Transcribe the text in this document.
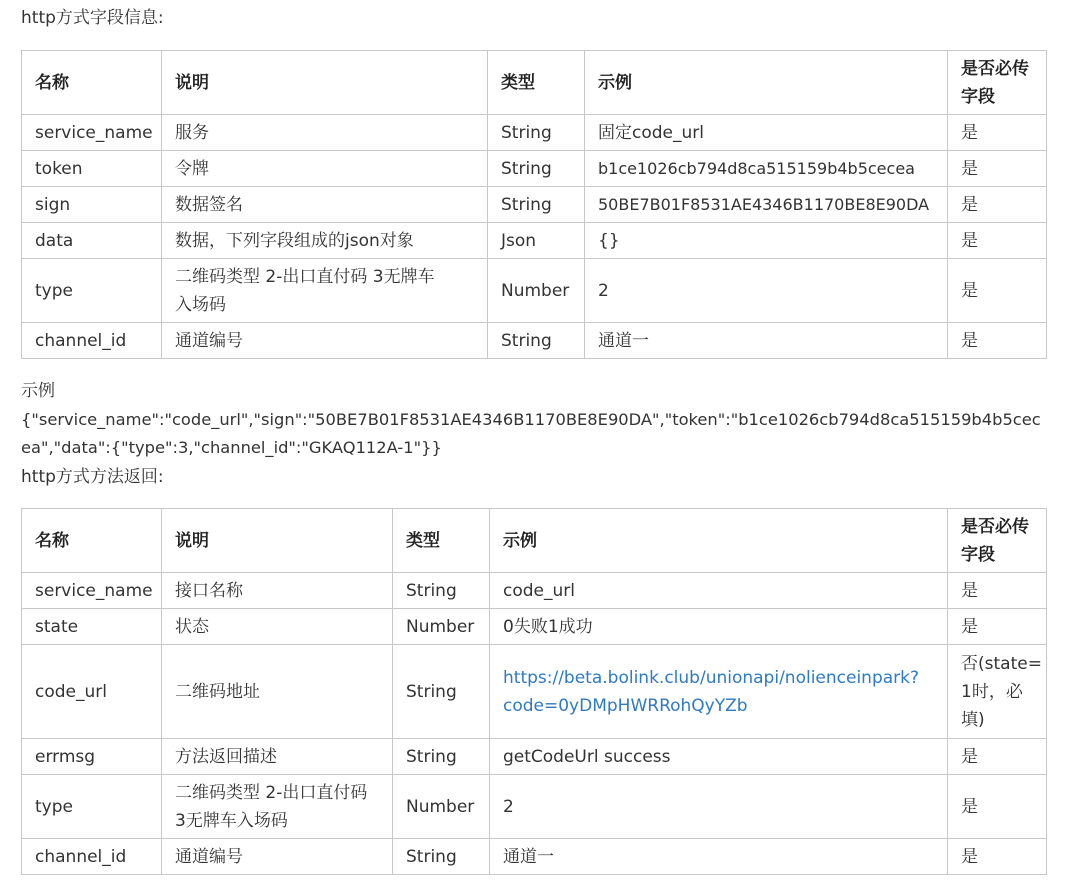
http方式字段信息:
名称	说明	类型	示例	是否必传字段
service_name	服务	String	固定code_url	是
token	令牌	String	b1ce1026cb794d8ca515159b4b5cecea	是
sign	数据签名	String	50BE7B01F8531AE4346B1170BE8E90DA	是
data	数据，下列字段组成的json对象	Json	{}	是
type	二维码类型 2-出口直付码 3无牌车入场码	Number	2	是
channel_id	通道编号	String	通道一	是
示例
{"service_name":"code_url","sign":"50BE7B01F8531AE4346B1170BE8E90DA","token":"b1ce1026cb794d8ca515159b4b5cec
ea","data":{"type":3,"channel_id":"GKAQ112A-1"}}
http方式方法返回:
名称	说明	类型	示例	是否必传字段
service_name	接口名称	String	code_url	是
state	状态	Number	0失败1成功	是
code_url	二维码地址	String	https://beta.bolink.club/unionapi/nolienceinpark?code=0yDMpHWRRohQyYZb	否(state=1时，必填)
errmsg	方法返回描述	String	getCodeUrl success	是
type	二维码类型 2-出口直付码 3无牌车入场码	Number	2	是
channel_id	通道编号	String	通道一	是
